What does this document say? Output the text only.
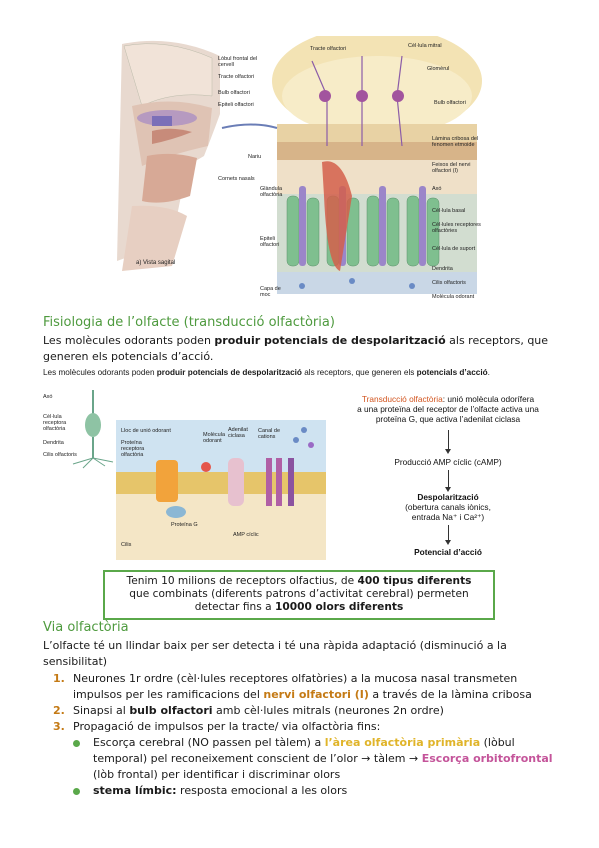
Lòbul frontal del cervell
Tracte olfactori
Bulb olfactori
Epiteli olfactori
Nariu
Cornets nasals
a) Vista sagital
Tracte olfactori	Cèl·lula mitral
Glomèrul
Bulb olfactori
Làmina cribosa del fenomen etmoide
Feixos del nervi olfactori (I)
Axó
Cèl·lula basal
Cèl·lules receptores olfactòries
Cèl·lula de suport
Dendrita
Cilis olfactoris
Molècula odorant
Glàndula olfactòria
Epiteli olfactori
Capa de moc
Fisiologia de l’olfacte (transducció olfactòria)
Les molècules odorants poden produir potencials de despolarització als receptors, que generen els potencials d’acció.
Les molècules odorants poden produir potencials de despolarització als receptors, que generen els potencials d’acció.
Axó
Cèl·lula receptora olfactòria
Dendrita
Cilis olfactoris
Lloc de unió odorant
Proteïna receptora olfactòria
Molècula odorant
Canal de cations
Proteïna G
Adenilat ciclasa
AMP cíclic
Cilis
Transducció olfactòria: unió molècula odorífera
a una proteïna del receptor de l’olfacte activa una
proteïna G, que activa l’adenilat ciclasa
Producció AMP cíclic (cAMP)
Despolarització
(obertura canals iònics,
entrada Na⁺ i Ca²⁺)
Potencial d’acció
Tenim 10 milions de receptors olfactius, de 400 tipus diferents
que combinats (diferents patrons d’activitat cerebral) permeten
detectar fins a 10000 olors diferents
Via olfactòria
L’olfacte té un llindar baix per ser detecta i té una ràpida adaptació (disminució a la sensibilitat)
1. Neurones 1r ordre (cèl·lules receptores olfatòries) a la mucosa nasal transmeten impulsos per les ramificacions del nervi olfactori (I) a través de la làmina cribosa
2. Sinapsi al bulb olfactori amb cèl·lules mitrals (neurones 2n ordre)
3. Propagació de impulsos per la tracte/ via olfactòria fins:
Escorça cerebral (NO passen pel tàlem) a l’àrea olfactòria primària (lòbul temporal) pel reconeixement conscient de l’olor → tàlem → Escorça orbitofrontal (lòb frontal) per identificar i discriminar olors
stema límbic: resposta emocional a les olors
